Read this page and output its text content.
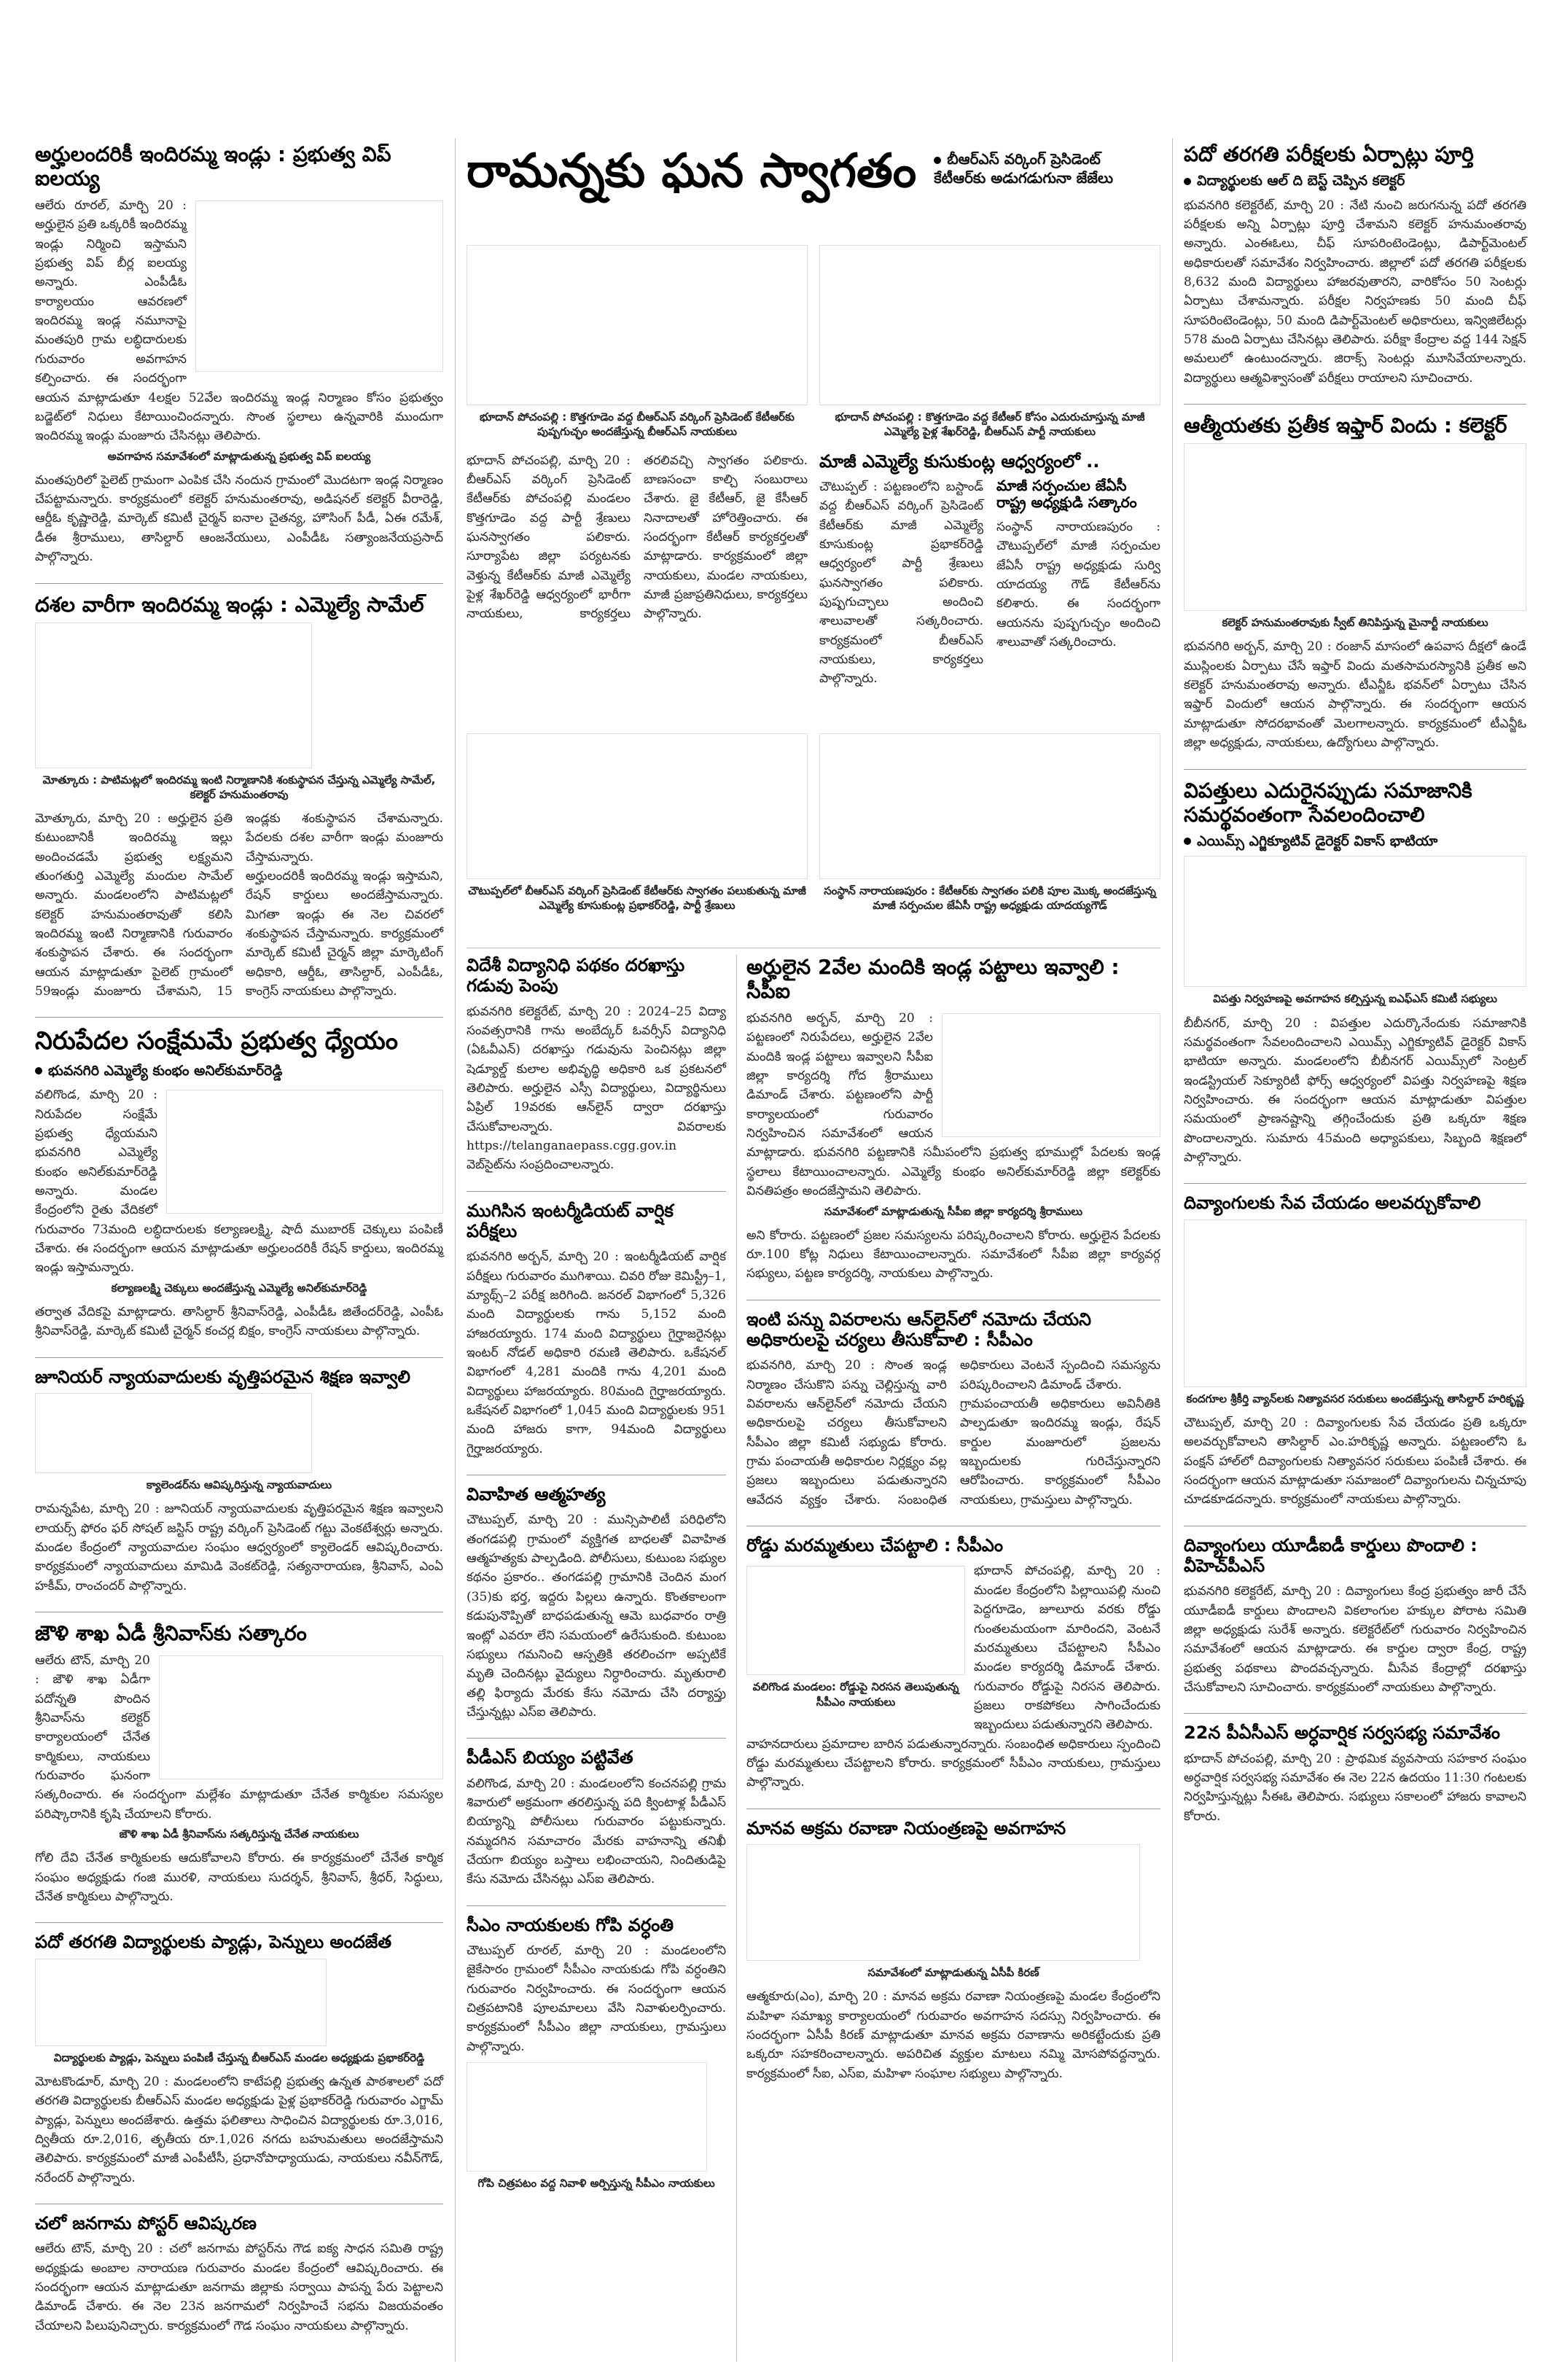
అర్హులందరికీ ఇందిరమ్మ ఇండ్లు : ప్రభుత్వ విప్ ఐలయ్య
ఆలేరు రూరల్, మార్చి 20 : అర్హులైన ప్రతి ఒక్కరికీ ఇందిరమ్మ ఇండ్లు నిర్మించి ఇస్తామని ప్రభుత్వ విప్ బీర్ల ఐలయ్య అన్నారు. ఎంపీడీఓ కార్యాలయం ఆవరణలో ఇందిరమ్మ ఇండ్ల నమూనాపై మంతపురి గ్రామ లబ్ధిదారులకు గురువారం అవగాహన కల్పించారు. ఈ సందర్భంగా ఆయన మాట్లాడుతూ 4లక్షల 52వేల ఇందిరమ్మ ఇండ్ల నిర్మాణం కోసం ప్రభుత్వం బడ్జెట్‌లో నిధులు కేటాయించిందన్నారు. సొంత స్థలాలు ఉన్నవారికి ముందుగా ఇందిరమ్మ ఇండ్లు మంజూరు చేసినట్లు తెలిపారు.
అవగాహన సమావేశంలో మాట్లాడుతున్న ప్రభుత్వ విప్ ఐలయ్య
మంతపురిలో పైలెట్ గ్రామంగా ఎంపిక చేసి నందున గ్రామంలో మొదటగా ఇండ్ల నిర్మాణం చేపట్టామన్నారు. కార్యక్రమంలో కలెక్టర్ హనుమంతరావు, అడిషనల్ కలెక్టర్ వీరారెడ్డి, ఆర్డీఓ కృష్ణారెడ్డి, మార్కెట్ కమిటీ చైర్మన్ ఐనాల చైతన్య, హౌసింగ్ పీడీ, ఏఈ రమేశ్, డీఈ శ్రీరాములు, తాసిల్దార్ ఆంజనేయులు, ఎంపీడీఓ సత్యాంజనేయప్రసాద్ పాల్గొన్నారు.
దశల వారీగా ఇందిరమ్మ ఇండ్లు : ఎమ్మెల్యే సామేల్
మోత్కూరు : పాటిమట్లలో ఇందిరమ్మ ఇంటి నిర్మాణానికి శంకుస్థాపన చేస్తున్న ఎమ్మెల్యే సామేల్, కలెక్టర్ హనుమంతరావు
మోత్కూరు, మార్చి 20 : అర్హులైన ప్రతి కుటుంబానికీ ఇందిరమ్మ ఇల్లు అందించడమే ప్రభుత్వ లక్ష్యమని తుంగతుర్తి ఎమ్మెల్యే మందుల సామేల్ అన్నారు. మండలంలోని పాటిమట్లలో కలెక్టర్ హనుమంతరావుతో కలిసి ఇందిరమ్మ ఇంటి నిర్మాణానికి గురువారం శంకుస్థాపన చేశారు. ఈ సందర్భంగా ఆయన మాట్లాడుతూ పైలెట్ గ్రామంలో 59ఇండ్లు మంజూరు చేశామని, 15 ఇండ్లకు శంకుస్థాపన చేశామన్నారు. పేదలకు దశల వారీగా ఇండ్లు మంజూరు చేస్తామన్నారు.
అర్హులందరికీ ఇందిరమ్మ ఇండ్లు ఇస్తామని, రేషన్ కార్డులు అందజేస్తామన్నారు. మిగతా ఇండ్లు ఈ నెల చివరలో శంకుస్థాపన చేస్తామన్నారు. కార్యక్రమంలో మార్కెట్ కమిటీ చైర్మన్ జిల్లా మార్కెటింగ్ అధికారి, ఆర్డీఓ, తాసిల్దార్, ఎంపీడీఓ, కాంగ్రెస్ నాయకులు పాల్గొన్నారు.
నిరుపేదల సంక్షేమమే ప్రభుత్వ ధ్యేయం
భువనగిరి ఎమ్మెల్యే కుంభం అనిల్‌కుమార్‌రెడ్డి
వలిగొండ, మార్చి 20 : నిరుపేదల సంక్షేమే ప్రభుత్వ ధ్యేయమని భువనగిరి ఎమ్మెల్యే కుంభం అనిల్‌కుమార్‌రెడ్డి అన్నారు. మండల కేంద్రంలోని రైతు వేదికలో గురువారం 73మంది లబ్ధిదారులకు కల్యాణలక్ష్మి, షాదీ ముబారక్ చెక్కులు పంపిణీ చేశారు. ఈ సందర్భంగా ఆయన మాట్లాడుతూ అర్హులందరికీ రేషన్ కార్డులు, ఇందిరమ్మ ఇండ్లు ఇస్తామన్నారు.
కల్యాణలక్ష్మి చెక్కులు అందజేస్తున్న ఎమ్మెల్యే అనిల్‌కుమార్‌రెడ్డి
తర్వాత వేదికపై మాట్లాడారు. తాసిల్దార్ శ్రీనివాస్‌రెడ్డి, ఎంపీడీఓ జితేందర్‌రెడ్డి, ఎంపీఓ శ్రీనివాస్‌రెడ్డి, మార్కెట్ కమిటీ చైర్మన్ కంచర్ల బిక్షం, కాంగ్రెస్ నాయకులు పాల్గొన్నారు.
జూనియర్ న్యాయవాదులకు వృత్తిపరమైన శిక్షణ ఇవ్వాలి
క్యాలెండర్‌ను ఆవిష్కరిస్తున్న న్యాయవాదులు
రామన్నపేట, మార్చి 20 : జూనియర్ న్యాయవాదులకు వృత్తిపరమైన శిక్షణ ఇవ్వాలని లాయర్స్ ఫోరం ఫర్ సోషల్ జస్టిస్ రాష్ట్ర వర్కింగ్ ప్రెసిడెంట్ గట్టు వెంకటేశ్వర్లు అన్నారు. మండల కేంద్రంలో న్యాయవాదుల సంఘం ఆధ్వర్యంలో క్యాలెండర్ ఆవిష్కరించారు. కార్యక్రమంలో న్యాయవాదులు మామిడి వెంకట్‌రెడ్డి, సత్యనారాయణ, శ్రీనివాస్, ఎంఏ హకీమ్, రాంచందర్ పాల్గొన్నారు.
జౌళి శాఖ ఏడీ శ్రీనివాస్‌కు సత్కారం
ఆలేరు టౌన్, మార్చి 20 : జౌళి శాఖ ఏడీగా పదోన్నతి పొందిన శ్రీనివాస్‌ను కలెక్టర్ కార్యాలయంలో చేనేత కార్మికులు, నాయకులు గురువారం ఘనంగా సత్కరించారు. ఈ సందర్భంగా మల్లేశం మాట్లాడుతూ చేనేత కార్మికుల సమస్యల పరిష్కారానికి కృషి చేయాలని కోరారు.
జౌళి శాఖ ఏడీ శ్రీనివాస్‌ను సత్కరిస్తున్న చేనేత నాయకులు
గోలి దేవి చేనేత కార్మికులకు ఆదుకోవాలని కోరారు. ఈ కార్యక్రమంలో చేనేత కార్మిక సంఘం అధ్యక్షుడు గంజి మురళి, నాయకులు సుదర్శన్, శ్రీనివాస్, శ్రీధర్, సిద్ధులు, చేనేత కార్మికులు పాల్గొన్నారు.
పదో తరగతి విద్యార్థులకు ప్యాడ్లు, పెన్నులు అందజేత
విద్యార్థులకు ప్యాడ్లు, పెన్నులు పంపిణీ చేస్తున్న బీఆర్ఎస్ మండల అధ్యక్షుడు ప్రభాకర్‌రెడ్డి
మోటకొండూర్, మార్చి 20 : మండలంలోని కాటేపల్లి ప్రభుత్వ ఉన్నత పాఠశాలలో పదో తరగతి విద్యార్థులకు బీఆర్ఎస్ మండల అధ్యక్షుడు పైళ్ల ప్రభాకర్‌రెడ్డి గురువారం ఎగ్జామ్ ప్యాడ్లు, పెన్నులు అందజేశారు. ఉత్తమ ఫలితాలు సాధించిన విద్యార్థులకు రూ.3,016, ద్వితీయ రూ.2,016, తృతీయ రూ.1,026 నగదు బహుమతులు అందజేస్తామని తెలిపారు. కార్యక్రమంలో మాజీ ఎంపీటీసీ, ప్రధానోపాధ్యాయుడు, నాయకులు నవీన్‌గౌడ్, నరేందర్ పాల్గొన్నారు.
చలో జనగామ పోస్టర్ ఆవిష్కరణ
ఆలేరు టౌన్, మార్చి 20 : చలో జనగామ పోస్టర్‌ను గౌడ ఐక్య సాధన సమితి రాష్ట్ర అధ్యక్షుడు అంబాల నారాయణ గురువారం మండల కేంద్రంలో ఆవిష్కరించారు. ఈ సందర్భంగా ఆయన మాట్లాడుతూ జనగామ జిల్లాకు సర్వాయి పాపన్న పేరు పెట్టాలని డిమాండ్ చేశారు. ఈ నెల 23న జనగామలో నిర్వహించే సభను విజయవంతం చేయాలని పిలుపునిచ్చారు. కార్యక్రమంలో గౌడ సంఘం నాయకులు పాల్గొన్నారు.
రామన్నకు ఘన స్వాగతం	బీఆర్ఎస్ వర్కింగ్ ప్రెసిడెంట్ కేటీఆర్‌కు అడుగడుగునా జేజేలు
భూదాన్ పోచంపల్లి : కొత్తగూడెం వద్ద బీఆర్ఎస్ వర్కింగ్ ప్రెసిడెంట్ కేటీఆర్‌కు పుష్పగుచ్ఛం అందజేస్తున్న బీఆర్ఎస్ నాయకులు
భూదాన్ పోచంపల్లి : కొత్తగూడెం వద్ద కేటీఆర్ కోసం ఎదురుచూస్తున్న మాజీ ఎమ్మెల్యే పైళ్ల శేఖర్‌రెడ్డి, బీఆర్ఎస్ పార్టీ నాయకులు
భూదాన్ పోచంపల్లి, మార్చి 20 : బీఆర్ఎస్ వర్కింగ్ ప్రెసిడెంట్ కేటీఆర్‌కు పోచంపల్లి మండలం కొత్తగూడెం వద్ద పార్టీ శ్రేణులు ఘనస్వాగతం పలికారు. సూర్యాపేట జిల్లా పర్యటనకు వెళ్తున్న కేటీఆర్‌కు మాజీ ఎమ్మెల్యే పైళ్ల శేఖర్‌రెడ్డి ఆధ్వర్యంలో భారీగా నాయకులు, కార్యకర్తలు తరలివచ్చి స్వాగతం పలికారు. బాణసంచా కాల్చి సంబురాలు చేశారు. జై కేటీఆర్, జై కేసీఆర్ నినాదాలతో హోరెత్తించారు. ఈ సందర్భంగా కేటీఆర్ కార్యకర్తలతో మాట్లాడారు. కార్యక్రమంలో జిల్లా నాయకులు, మండల నాయకులు, మాజీ ప్రజాప్రతినిధులు, కార్యకర్తలు పాల్గొన్నారు.
మాజీ ఎమ్మెల్యే కుసుకుంట్ల ఆధ్వర్యంలో ..
చౌటుప్పల్ : పట్టణంలోని బస్టాండ్ వద్ద బీఆర్ఎస్ వర్కింగ్ ప్రెసిడెంట్ కేటీఆర్‌కు మాజీ ఎమ్మెల్యే కూసుకుంట్ల ప్రభాకర్‌రెడ్డి ఆధ్వర్యంలో పార్టీ శ్రేణులు ఘనస్వాగతం పలికారు. పుష్పగుచ్ఛాలు అందించి శాలువాలతో సత్కరించారు. కార్యక్రమంలో బీఆర్ఎస్ నాయకులు, కార్యకర్తలు పాల్గొన్నారు.
మాజీ సర్పంచుల జేఏసీ రాష్ట్ర అధ్యక్షుడి సత్కారం
సంస్థాన్ నారాయణపురం : చౌటుప్పల్‌లో మాజీ సర్పంచుల జేఏసీ రాష్ట్ర అధ్యక్షుడు సుర్వి యాదయ్య గౌడ్ కేటీఆర్‌ను కలిశారు. ఈ సందర్భంగా ఆయనను పుష్పగుచ్ఛం అందించి శాలువాతో సత్కరించారు.
చౌటుప్పల్‌లో బీఆర్ఎస్ వర్కింగ్ ప్రెసిడెంట్ కేటీఆర్‌కు స్వాగతం పలుకుతున్న మాజీ ఎమ్మెల్యే కూసుకుంట్ల ప్రభాకర్‌రెడ్డి, పార్టీ శ్రేణులు
సంస్థాన్ నారాయణపురం : కేటీఆర్‌కు స్వాగతం పలికి పూల మొక్క అందజేస్తున్న మాజీ సర్పంచుల జేఏసీ రాష్ట్ర అధ్యక్షుడు యాదయ్యగౌడ్
విదేశీ విద్యానిధి పథకం దరఖాస్తు గడువు పెంపు
భువనగిరి కలెక్టరేట్, మార్చి 20 : 2024–25 విద్యా సంవత్సరానికి గాను అంబేద్కర్ ఓవర్సీస్ విద్యానిధి (ఏఓవీఎన్) దరఖాస్తు గడువును పెంచినట్లు జిల్లా షెడ్యూల్డ్ కులాల అభివృద్ధి అధికారి ఒక ప్రకటనలో తెలిపారు. అర్హులైన ఎస్సీ విద్యార్థులు, విద్యార్థినులు ఏప్రిల్ 19వరకు ఆన్‌లైన్ ద్వారా దరఖాస్తు చేసుకోవాలన్నారు. వివరాలకు https://telanganaepass.cgg.gov.in వెబ్‌సైట్‌ను సంప్రదించాలన్నారు.
ముగిసిన ఇంటర్మీడియట్ వార్షిక పరీక్షలు
భువనగిరి అర్బన్, మార్చి 20 : ఇంటర్మీడియట్ వార్షిక పరీక్షలు గురువారం ముగిశాయి. చివరి రోజు కెమిస్ట్రీ–1, మ్యాథ్స్–2 పరీక్ష జరిగింది. జనరల్ విభాగంలో 5,326 మంది విద్యార్థులకు గాను 5,152 మంది హాజరయ్యారు. 174 మంది విద్యార్థులు గైర్హాజరైనట్లు ఇంటర్ నోడల్ అధికారి రమణి తెలిపారు. ఒకేషనల్ విభాగంలో 4,281 మందికి గాను 4,201 మంది విద్యార్థులు హాజరయ్యారు. 80మంది గైర్హాజరయ్యారు. ఒకేషనల్ విభాగంలో 1,045 మంది విద్యార్థులకు 951 మంది హాజరు కాగా, 94మంది విద్యార్థులు గైర్హాజరయ్యారు.
వివాహిత ఆత్మహత్య
చౌటుప్పల్, మార్చి 20 : మున్సిపాలిటీ పరిధిలోని తంగడపల్లి గ్రామంలో వ్యక్తిగత బాధలతో వివాహిత ఆత్మహత్యకు పాల్పడింది. పోలీసులు, కుటుంబ సభ్యుల కథనం ప్రకారం.. తంగడపల్లి గ్రామానికి చెందిన మంగ (35)కు భర్త, ఇద్దరు పిల్లలు ఉన్నారు. కొంతకాలంగా కడుపునొప్పితో బాధపడుతున్న ఆమె బుధవారం రాత్రి ఇంట్లో ఎవరూ లేని సమయంలో ఉరేసుకుంది. కుటుంబ సభ్యులు గమనించి ఆస్పత్రికి తరలించగా అప్పటికే మృతి చెందినట్లు వైద్యులు నిర్ధారించారు. మృతురాలి తల్లి ఫిర్యాదు మేరకు కేసు నమోదు చేసి దర్యాప్తు చేస్తున్నట్లు ఎస్ఐ తెలిపారు.
పీడీఎస్ బియ్యం పట్టివేత
వలిగొండ, మార్చి 20 : మండలంలోని కంచనపల్లి గ్రామ శివారులో అక్రమంగా తరలిస్తున్న పది క్వింటాళ్ల పీడీఎస్ బియ్యాన్ని పోలీసులు గురువారం పట్టుకున్నారు. నమ్మదగిన సమాచారం మేరకు వాహనాన్ని తనిఖీ చేయగా బియ్యం బస్తాలు లభించాయని, నిందితుడిపై కేసు నమోదు చేసినట్లు ఎస్ఐ తెలిపారు.
సీఎం నాయకులకు గోపి వర్ధంతి
చౌటుప్పల్ రూరల్, మార్చి 20 : మండలంలోని జైకేసారం గ్రామంలో సీపీఎం నాయకుడు గోపి వర్ధంతిని గురువారం నిర్వహించారు. ఈ సందర్భంగా ఆయన చిత్రపటానికి పూలమాలలు వేసి నివాళులర్పించారు. కార్యక్రమంలో సీపీఎం జిల్లా నాయకులు, గ్రామస్తులు పాల్గొన్నారు.
గోపి చిత్రపటం వద్ద నివాళి అర్పిస్తున్న సీపీఎం నాయకులు
అర్హులైన 2వేల మందికి ఇండ్ల పట్టాలు ఇవ్వాలి : సీపీఐ
భువనగిరి అర్బన్, మార్చి 20 : పట్టణంలో నిరుపేదలు, అర్హులైన 2వేల మందికి ఇండ్ల పట్టాలు ఇవ్వాలని సీపీఐ జిల్లా కార్యదర్శి గోద శ్రీరాములు డిమాండ్ చేశారు. పట్టణంలోని పార్టీ కార్యాలయంలో గురువారం నిర్వహించిన సమావేశంలో ఆయన మాట్లాడారు. భువనగిరి పట్టణానికి సమీపంలోని ప్రభుత్వ భూముల్లో పేదలకు ఇండ్ల స్థలాలు కేటాయించాలన్నారు. ఎమ్మెల్యే కుంభం అనిల్‌కుమార్‌రెడ్డి జిల్లా కలెక్టర్‌కు వినతిపత్రం అందజేస్తామని తెలిపారు.
సమావేశంలో మాట్లాడుతున్న సీపీఐ జిల్లా కార్యదర్శి శ్రీరాములు
అని కోరారు. పట్టణంలో ప్రజల సమస్యలను పరిష్కరించాలని కోరారు. అర్హులైన పేదలకు రూ.100 కోట్ల నిధులు కేటాయించాలన్నారు. సమావేశంలో సీపీఐ జిల్లా కార్యవర్గ సభ్యులు, పట్టణ కార్యదర్శి, నాయకులు పాల్గొన్నారు.
ఇంటి పన్ను వివరాలను ఆన్‌లైన్‌లో నమోదు చేయని అధికారులపై చర్యలు తీసుకోవాలి : సీపీఎం
భువనగిరి, మార్చి 20 : సొంత ఇండ్ల నిర్మాణం చేసుకొని పన్ను చెల్లిస్తున్న వారి వివరాలను ఆన్‌లైన్‌లో నమోదు చేయని అధికారులపై చర్యలు తీసుకోవాలని సీపీఎం జిల్లా కమిటీ సభ్యుడు కోరారు. గ్రామ పంచాయతీ అధికారుల నిర్లక్ష్యం వల్ల ప్రజలు ఇబ్బందులు పడుతున్నారని ఆవేదన వ్యక్తం చేశారు. సంబంధిత అధికారులు వెంటనే స్పందించి సమస్యను పరిష్కరించాలని డిమాండ్ చేశారు.
గ్రామపంచాయతీ అధికారులు అవినీతికి పాల్పడుతూ ఇందిరమ్మ ఇండ్లు, రేషన్ కార్డుల మంజూరులో ప్రజలను ఇబ్బందులకు గురిచేస్తున్నారని ఆరోపించారు. కార్యక్రమంలో సీపీఎం నాయకులు, గ్రామస్తులు పాల్గొన్నారు.
రోడ్డు మరమ్మతులు చేపట్టాలి : సీపీఎం
వలిగొండ మండలం: రోడ్డుపై నిరసన తెలుపుతున్న సీపీఎం నాయకులు
భూదాన్ పోచంపల్లి, మార్చి 20 : మండల కేంద్రంలోని పిల్లాయిపల్లి నుంచి పెద్దగూడెం, జూలూరు వరకు రోడ్డు గుంతలమయంగా మారిందని, వెంటనే మరమ్మతులు చేపట్టాలని సీపీఎం మండల కార్యదర్శి డిమాండ్ చేశారు. గురువారం రోడ్డుపై నిరసన తెలిపారు. ప్రజలు రాకపోకలు సాగించేందుకు ఇబ్బందులు పడుతున్నారని తెలిపారు.
వాహనదారులు ప్రమాదాల బారిన పడుతున్నారన్నారు. సంబంధిత అధికారులు స్పందించి రోడ్డు మరమ్మతులు చేపట్టాలని కోరారు. కార్యక్రమంలో సీపీఎం నాయకులు, గ్రామస్తులు పాల్గొన్నారు.
మానవ అక్రమ రవాణా నియంత్రణపై అవగాహన
సమావేశంలో మాట్లాడుతున్న ఏసీపీ కిరణ్
ఆత్మకూరు(ఎం), మార్చి 20 : మానవ అక్రమ రవాణా నియంత్రణపై మండల కేంద్రంలోని మహిళా సమాఖ్య కార్యాలయంలో గురువారం అవగాహన సదస్సు నిర్వహించారు. ఈ సందర్భంగా ఏసీపీ కిరణ్ మాట్లాడుతూ మానవ అక్రమ రవాణాను అరికట్టేందుకు ప్రతి ఒక్కరూ సహకరించాలన్నారు. అపరిచిత వ్యక్తుల మాటలు నమ్మి మోసపోవద్దన్నారు. కార్యక్రమంలో సీఐ, ఎస్ఐ, మహిళా సంఘాల సభ్యులు పాల్గొన్నారు.
పదో తరగతి పరీక్షలకు ఏర్పాట్లు పూర్తి
విద్యార్థులకు ఆల్ ది బెస్ట్ చెప్పిన కలెక్టర్
భువనగిరి కలెక్టరేట్, మార్చి 20 : నేటి నుంచి జరుగనున్న పదో తరగతి పరీక్షలకు అన్ని ఏర్పాట్లు పూర్తి చేశామని కలెక్టర్ హనుమంతరావు అన్నారు. ఎంఈఓలు, చీఫ్ సూపరింటెండెంట్లు, డిపార్ట్‌మెంటల్ అధికారులతో సమావేశం నిర్వహించారు. జిల్లాలో పదో తరగతి పరీక్షలకు 8,632 మంది విద్యార్థులు హాజరవుతారని, వారికోసం 50 సెంటర్లు ఏర్పాటు చేశామన్నారు. పరీక్షల నిర్వహణకు 50 మంది చీఫ్ సూపరింటెండెంట్లు, 50 మంది డిపార్ట్‌మెంటల్ అధికారులు, ఇన్విజిలేటర్లు 578 మంది ఏర్పాటు చేసినట్లు తెలిపారు. పరీక్షా కేంద్రాల వద్ద 144 సెక్షన్ అమలులో ఉంటుందన్నారు. జిరాక్స్ సెంటర్లు మూసివేయాలన్నారు. విద్యార్థులు ఆత్మవిశ్వాసంతో పరీక్షలు రాయాలని సూచించారు.
ఆత్మీయతకు ప్రతీక ఇఫ్తార్ విందు : కలెక్టర్
కలెక్టర్ హనుమంతరావుకు స్వీట్ తినిపిస్తున్న మైనార్టీ నాయకులు
భువనగిరి అర్బన్, మార్చి 20 : రంజాన్ మాసంలో ఉపవాస దీక్షలో ఉండే ముస్లింలకు ఏర్పాటు చేసే ఇఫ్తార్ విందు మతసామరస్యానికి ప్రతీక అని కలెక్టర్ హనుమంతరావు అన్నారు. టీఎన్జీఓ భవన్‌లో ఏర్పాటు చేసిన ఇఫ్తార్ విందులో ఆయన పాల్గొన్నారు. ఈ సందర్భంగా ఆయన మాట్లాడుతూ సోదరభావంతో మెలగాలన్నారు. కార్యక్రమంలో టీఎన్జీఓ జిల్లా అధ్యక్షుడు, నాయకులు, ఉద్యోగులు పాల్గొన్నారు.
విపత్తులు ఎదురైనప్పుడు సమాజానికి సమర్థవంతంగా సేవలందించాలి
ఎయిమ్స్ ఎగ్జిక్యూటివ్ డైరెక్టర్ వికాస్ భాటియా
విపత్తు నిర్వహణపై అవగాహన కల్పిస్తున్న ఐఎఫ్‌ఎస్ కమిటీ సభ్యులు
బీబీనగర్, మార్చి 20 : విపత్తుల ఎదుర్కొనేందుకు సమాజానికి సమర్థవంతంగా సేవలందించాలని ఎయిమ్స్ ఎగ్జిక్యూటివ్ డైరెక్టర్ వికాస్ భాటియా అన్నారు. మండలంలోని బీబీనగర్ ఎయిమ్స్‌లో సెంట్రల్ ఇండస్ట్రియల్ సెక్యూరిటీ ఫోర్స్ ఆధ్వర్యంలో విపత్తు నిర్వహణపై శిక్షణ నిర్వహించారు. ఈ సందర్భంగా ఆయన మాట్లాడుతూ విపత్తుల సమయంలో ప్రాణనష్టాన్ని తగ్గించేందుకు ప్రతి ఒక్కరూ శిక్షణ పొందాలన్నారు. సుమారు 45మంది అధ్యాపకులు, సిబ్బంది శిక్షణలో పాల్గొన్నారు.
దివ్యాంగులకు సేవ చేయడం అలవర్చుకోవాలి
కందగూల శ్రీకీర్తి వ్యాన్‌లకు నిత్యావసర సరుకులు అందజేస్తున్న తాసిల్దార్ హరికృష్ణ
చౌటుప్పల్, మార్చి 20 : దివ్యాంగులకు సేవ చేయడం ప్రతి ఒక్కరూ అలవర్చుకోవాలని తాసిల్దార్ ఎం.హరికృష్ణ అన్నారు. పట్టణంలోని ఓ పంక్షన్ హాల్‌లో దివ్యాంగులకు నిత్యావసర సరుకులు పంపిణీ చేశారు. ఈ సందర్భంగా ఆయన మాట్లాడుతూ సమాజంలో దివ్యాంగులను చిన్నచూపు చూడకూడదన్నారు. కార్యక్రమంలో నాయకులు పాల్గొన్నారు.
దివ్యాంగులు యూడీఐడీ కార్డులు పొందాలి : వీహెచ్‌పీఎస్
భువనగిరి కలెక్టరేట్, మార్చి 20 : దివ్యాంగులు కేంద్ర ప్రభుత్వం జారీ చేసే యూడీఐడీ కార్డులు పొందాలని వికలాంగుల హక్కుల పోరాట సమితి జిల్లా అధ్యక్షుడు సురేశ్ అన్నారు. కలెక్టరేట్‌లో గురువారం నిర్వహించిన సమావేశంలో ఆయన మాట్లాడారు. ఈ కార్డుల ద్వారా కేంద్ర, రాష్ట్ర ప్రభుత్వ పథకాలు పొందవచ్చన్నారు. మీసేవ కేంద్రాల్లో దరఖాస్తు చేసుకోవాలని సూచించారు. కార్యక్రమంలో నాయకులు పాల్గొన్నారు.
22న పీఏసీఎస్ అర్ధవార్షిక సర్వసభ్య సమావేశం
భూదాన్ పోచంపల్లి, మార్చి 20 : ప్రాథమిక వ్యవసాయ సహకార సంఘం అర్ధవార్షిక సర్వసభ్య సమావేశం ఈ నెల 22న ఉదయం 11:30 గంటలకు నిర్వహిస్తున్నట్లు సీఈఓ తెలిపారు. సభ్యులు సకాలంలో హాజరు కావాలని కోరారు.
